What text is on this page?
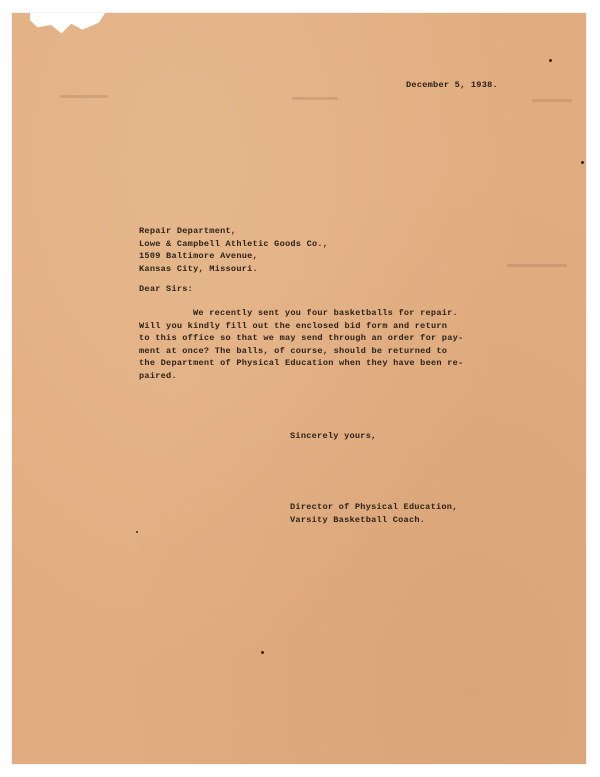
December 5, 1938.
Repair Department,
Lowe & Campbell Athletic Goods Co.,
1509 Baltimore Avenue,
Kansas City, Missouri.
Dear Sirs:
We recently sent you four basketballs for repair.
Will you kindly fill out the enclosed bid form and return
to this office so that we may send through an order for pay-
ment at once? The balls, of course, should be returned to
the Department of Physical Education when they have been re-
paired.
Sincerely yours,
Director of Physical Education,
Varsity Basketball Coach.
